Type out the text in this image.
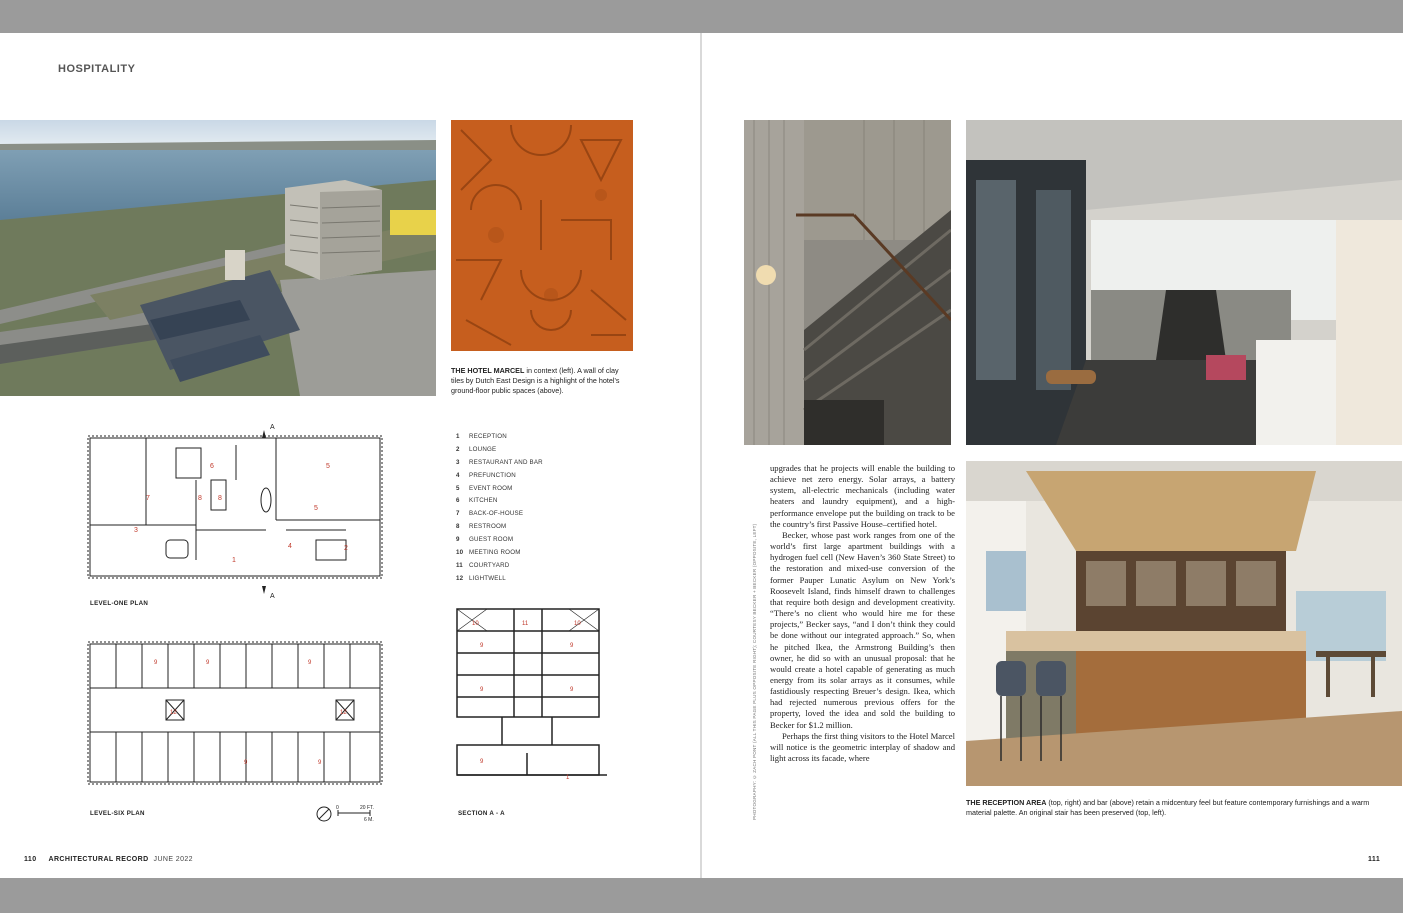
HOSPITALITY
THE HOTEL MARCEL in context (left). A wall of clay tiles by Dutch East Design is a highlight of the hotel’s ground-floor public spaces (above).
A
A
5
5
6
7	8 8
3
2
1
4
LEVEL-ONE PLAN
9	9	9
12	12
9	9
LEVEL-SIX PLAN
0	20 FT.
6 M.
1	RECEPTION
2	LOUNGE
3	RESTAURANT AND BAR
4	PREFUNCTION
5	EVENT ROOM
6	KITCHEN
7	BACK-OF-HOUSE
8	RESTROOM
9	GUEST ROOM
10 MEETING ROOM
11 COURTYARD
12 LIGHTWELL
10	11	10
9	9
9	9
9
1
SECTION A - A
THE RECEPTION AREA (top, right) and bar (above) retain a midcentury feel but feature contemporary furnishings and a warm material palette. An original stair has been preserved (top, left).
PHOTOGRAPHY: © ZACH PONT (ALL THIS PAGE PLUS OPPOSITE RIGHT); COURTESY BECKER + BECKER (OPPOSITE, LEFT)

upgrades that he projects will enable the building to achieve net zero energy. Solar arrays, a battery system, all-electric mechanicals (including water heaters and laundry equipment), and a high-performance envelope put the building on track to be the country’s first Passive House–certified hotel.

Becker, whose past work ranges from one of the world’s first large apartment buildings with a hydrogen fuel cell (New Haven’s 360 State Street) to the restoration and mixed-use conversion of the former Pauper Lunatic Asylum on New York’s Roosevelt Island, finds himself drawn to challenges that require both design and development creativity. “There’s no client who would hire me for these projects,” Becker says, “and I don’t think they could be done without our integrated approach.” So, when he pitched Ikea, the Armstrong Building’s then owner, he did so with an unusual proposal: that he would create a hotel capable of generating as much energy from its solar arrays as it consumes, while fastidiously respecting Breuer’s design. Ikea, which had rejected numerous previous offers for the property, loved the idea and sold the building to Becker for $1.2 million.

Perhaps the first thing visitors to the Hotel Marcel will notice is the geometric interplay of shadow and light across its facade, where

110 ARCHITECTURAL RECORD JUNE 2022	111
